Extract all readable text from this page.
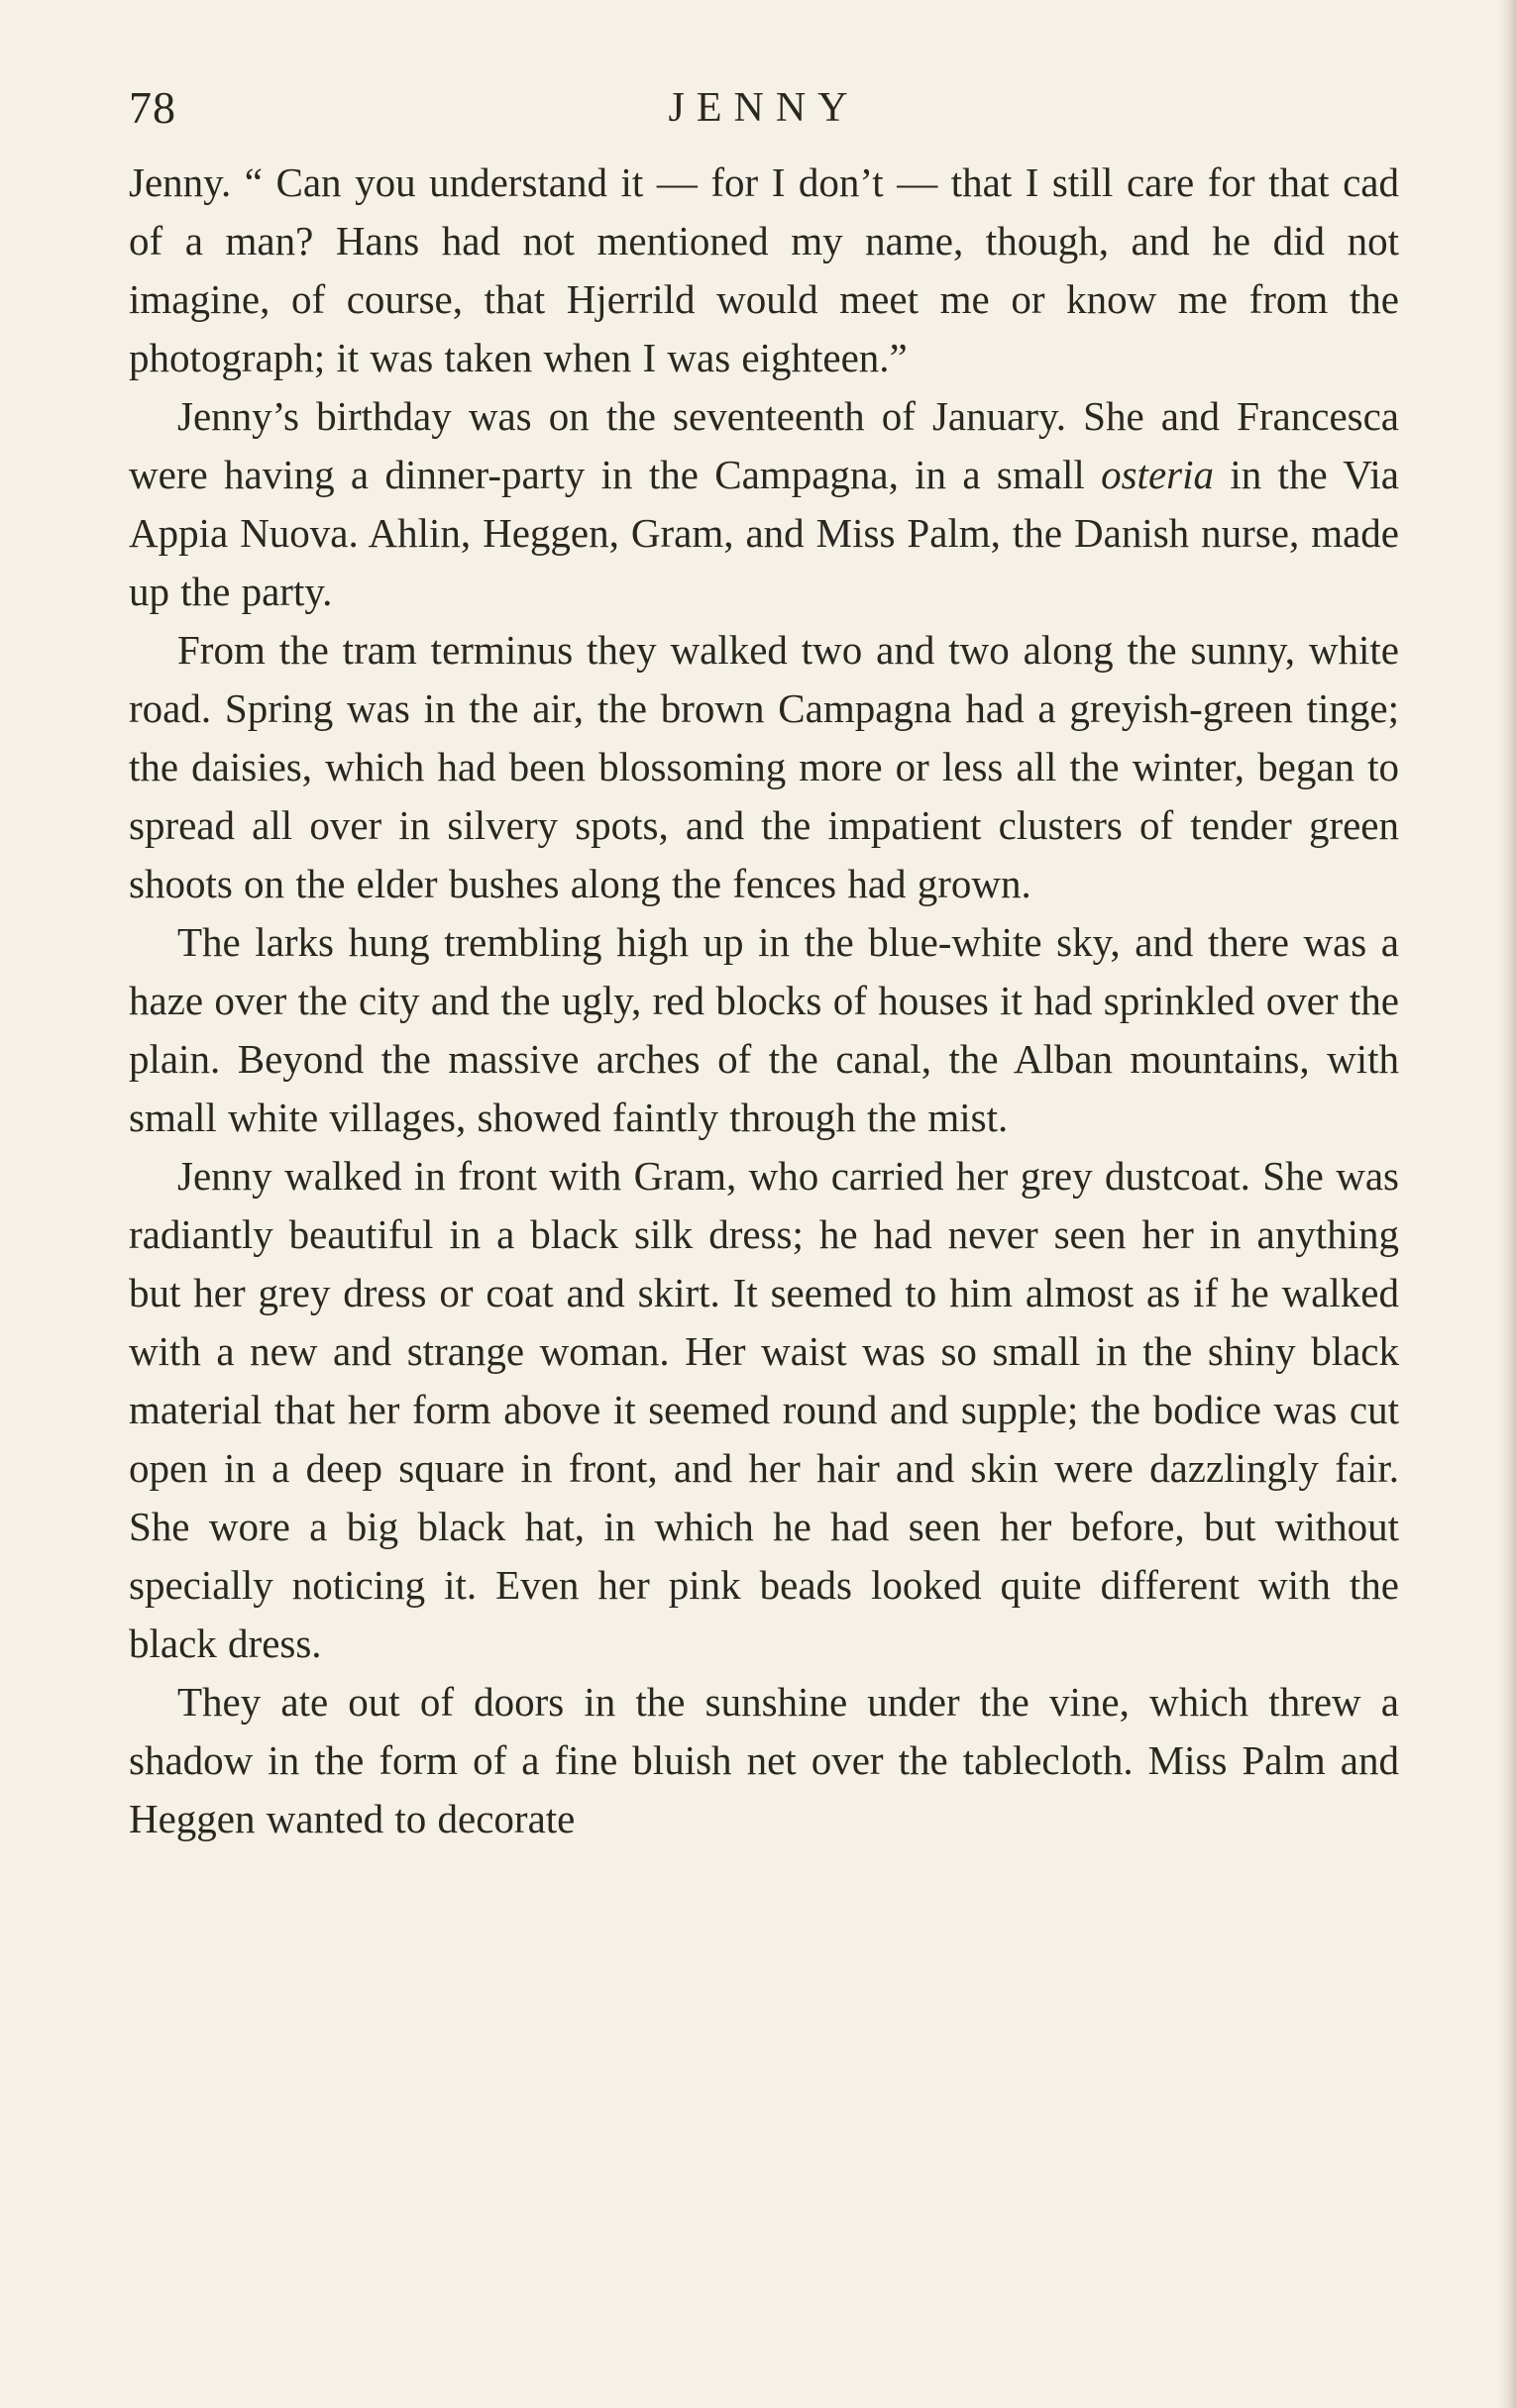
78	JENNY

Jenny. “ Can you understand it — for I don’t — that I still care for that cad of a man? Hans had not mentioned my name, though, and he did not imagine, of course, that Hjerrild would meet me or know me from the photograph; it was taken when I was eighteen.”

Jenny’s birthday was on the seventeenth of January. She and Francesca were having a dinner-party in the Campagna, in a small osteria in the Via Appia Nuova. Ahlin, Heggen, Gram, and Miss Palm, the Danish nurse, made up the party.

From the tram terminus they walked two and two along the sunny, white road. Spring was in the air, the brown Campagna had a greyish-green tinge; the daisies, which had been blossoming more or less all the winter, began to spread all over in silvery spots, and the impatient clusters of tender green shoots on the elder bushes along the fences had grown.

The larks hung trembling high up in the blue-white sky, and there was a haze over the city and the ugly, red blocks of houses it had sprinkled over the plain. Beyond the massive arches of the canal, the Alban mountains, with small white villages, showed faintly through the mist.

Jenny walked in front with Gram, who carried her grey dustcoat. She was radiantly beautiful in a black silk dress; he had never seen her in anything but her grey dress or coat and skirt. It seemed to him almost as if he walked with a new and strange woman. Her waist was so small in the shiny black material that her form above it seemed round and supple; the bodice was cut open in a deep square in front, and her hair and skin were dazzlingly fair. She wore a big black hat, in which he had seen her before, but without specially noticing it. Even her pink beads looked quite different with the black dress.

They ate out of doors in the sunshine under the vine, which threw a shadow in the form of a fine bluish net over the tablecloth. Miss Palm and Heggen wanted to decorate
